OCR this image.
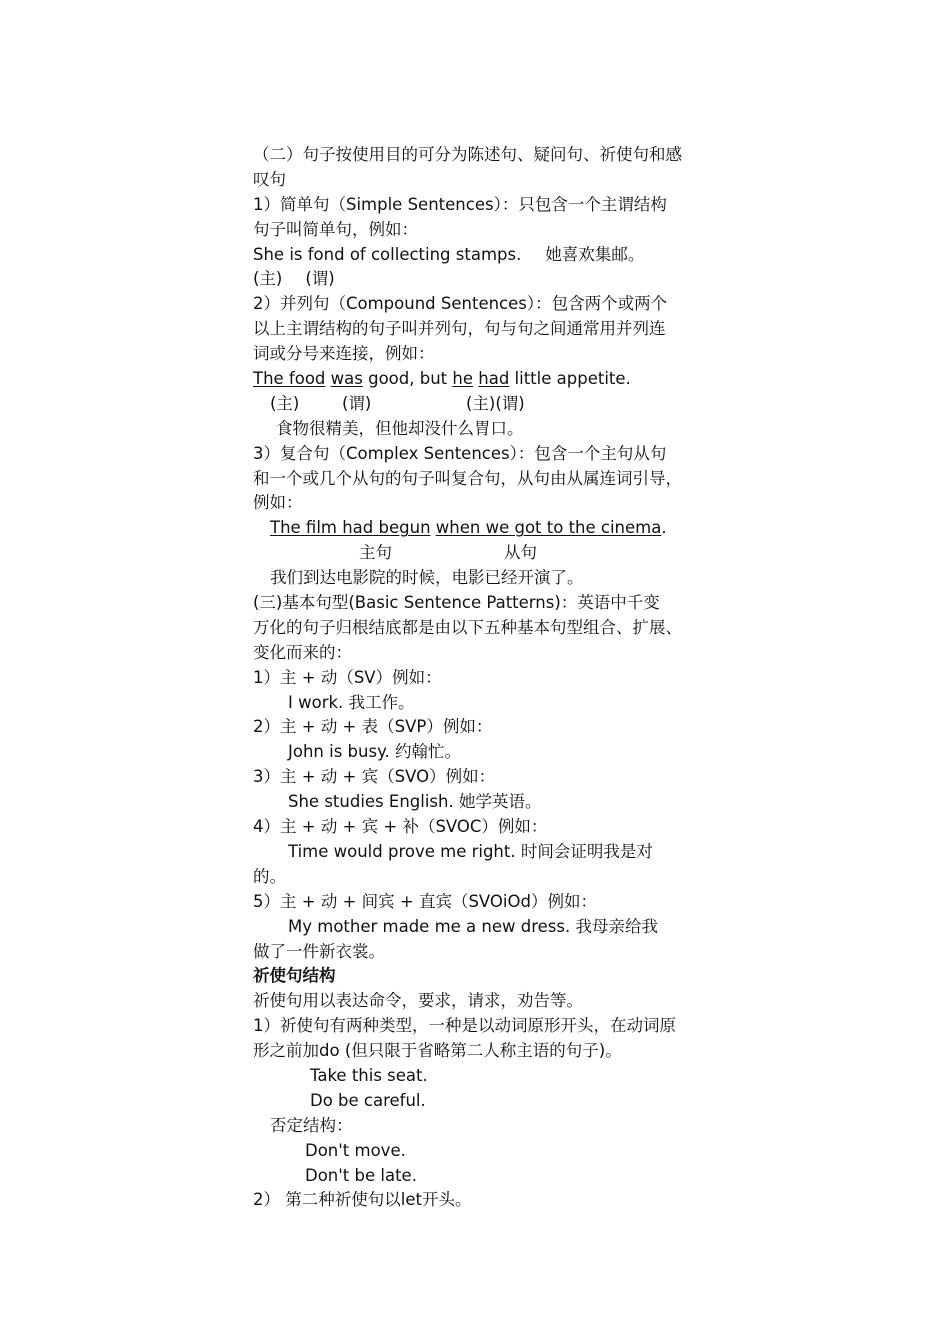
（二）句子按使用目的可分为陈述句、疑问句、祈使句和感
叹句
1）简单句（Simple Sentences）：只包含一个主谓结构
句子叫简单句，例如：
She is fond of collecting stamps. 她喜欢集邮。
(主) (谓)
2）并列句（Compound Sentences）：包含两个或两个
以上主谓结构的句子叫并列句，句与句之间通常用并列连
词或分号来连接，例如：
The food was good, but he had little appetite.
(主)	(谓)	(主)(谓)
食物很精美，但他却没什么胃口。
3）复合句（Complex Sentences）：包含一个主句从句
和一个或几个从句的句子叫复合句，从句由从属连词引导，
例如：
The film had begun when we got to the cinema.
主句	从句
我们到达电影院的时候，电影已经开演了。
(三)基本句型(Basic Sentence Patterns)：英语中千变
万化的句子归根结底都是由以下五种基本句型组合、扩展、
变化而来的：
1）主 + 动（SV）例如：
I work. 我工作。
2）主 + 动 + 表（SVP）例如：
John is busy. 约翰忙。
3）主 + 动 + 宾（SVO）例如：
She studies English. 她学英语。
4）主 + 动 + 宾 + 补（SVOC）例如：
Time would prove me right. 时间会证明我是对
的。
5）主 + 动 + 间宾 + 直宾（SVOiOd）例如：
My mother made me a new dress. 我母亲给我
做了一件新衣裳。
祈使句结构
祈使句用以表达命令，要求，请求，劝告等。
1）祈使句有两种类型，一种是以动词原形开头，在动词原
形之前加do (但只限于省略第二人称主语的句子)。
Take this seat.
Do be careful.
否定结构：
Don't move.
Don't be late.
2） 第二种祈使句以let开头。
